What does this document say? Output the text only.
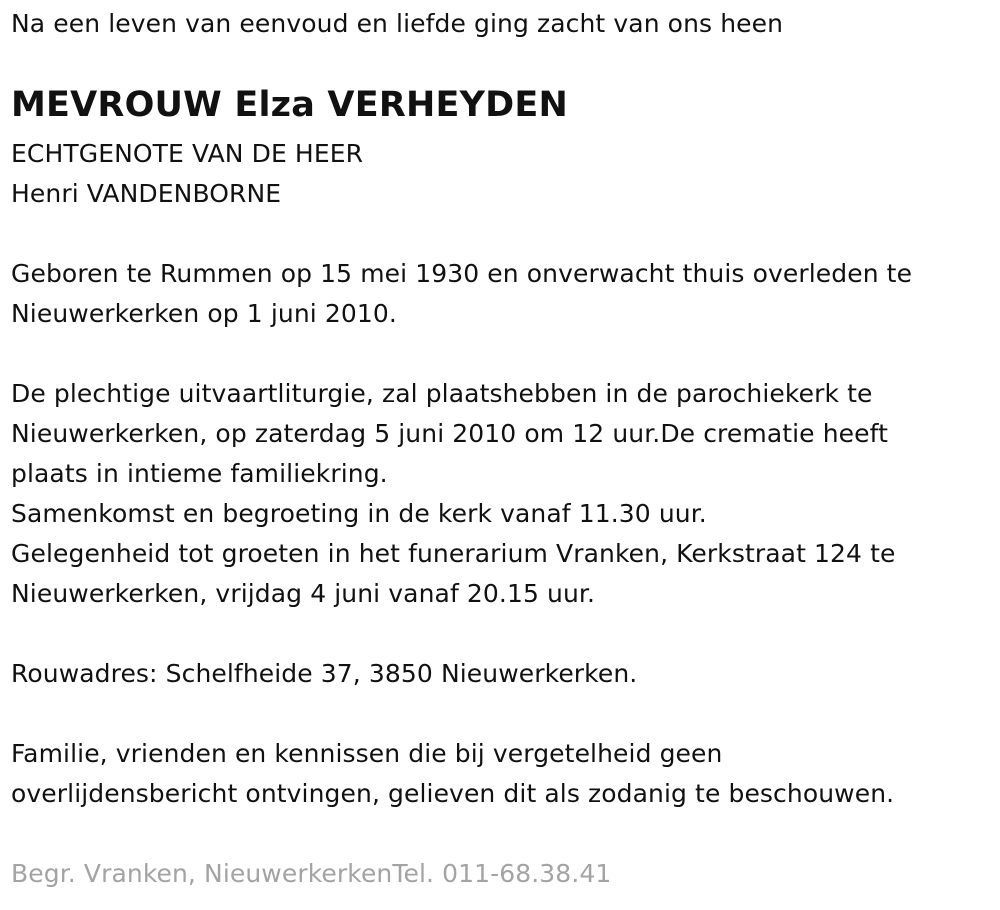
Na een leven van eenvoud en liefde ging zacht van ons heen
MEVROUW Elza VERHEYDEN
ECHTGENOTE VAN DE HEER
Henri VANDENBORNE
Geboren te Rummen op 15 mei 1930 en onverwacht thuis overleden te
Nieuwerkerken op 1 juni 2010.
De plechtige uitvaartliturgie, zal plaatshebben in de parochiekerk te
Nieuwerkerken, op zaterdag 5 juni 2010 om 12 uur.De crematie heeft
plaats in intieme familiekring.
Samenkomst en begroeting in de kerk vanaf 11.30 uur.
Gelegenheid tot groeten in het funerarium Vranken, Kerkstraat 124 te
Nieuwerkerken, vrijdag 4 juni vanaf 20.15 uur.
Rouwadres: Schelfheide 37, 3850 Nieuwerkerken.
Familie, vrienden en kennissen die bij vergetelheid geen
overlijdensbericht ontvingen, gelieven dit als zodanig te beschouwen.
Begr. Vranken, NieuwerkerkenTel. 011-68.38.41
